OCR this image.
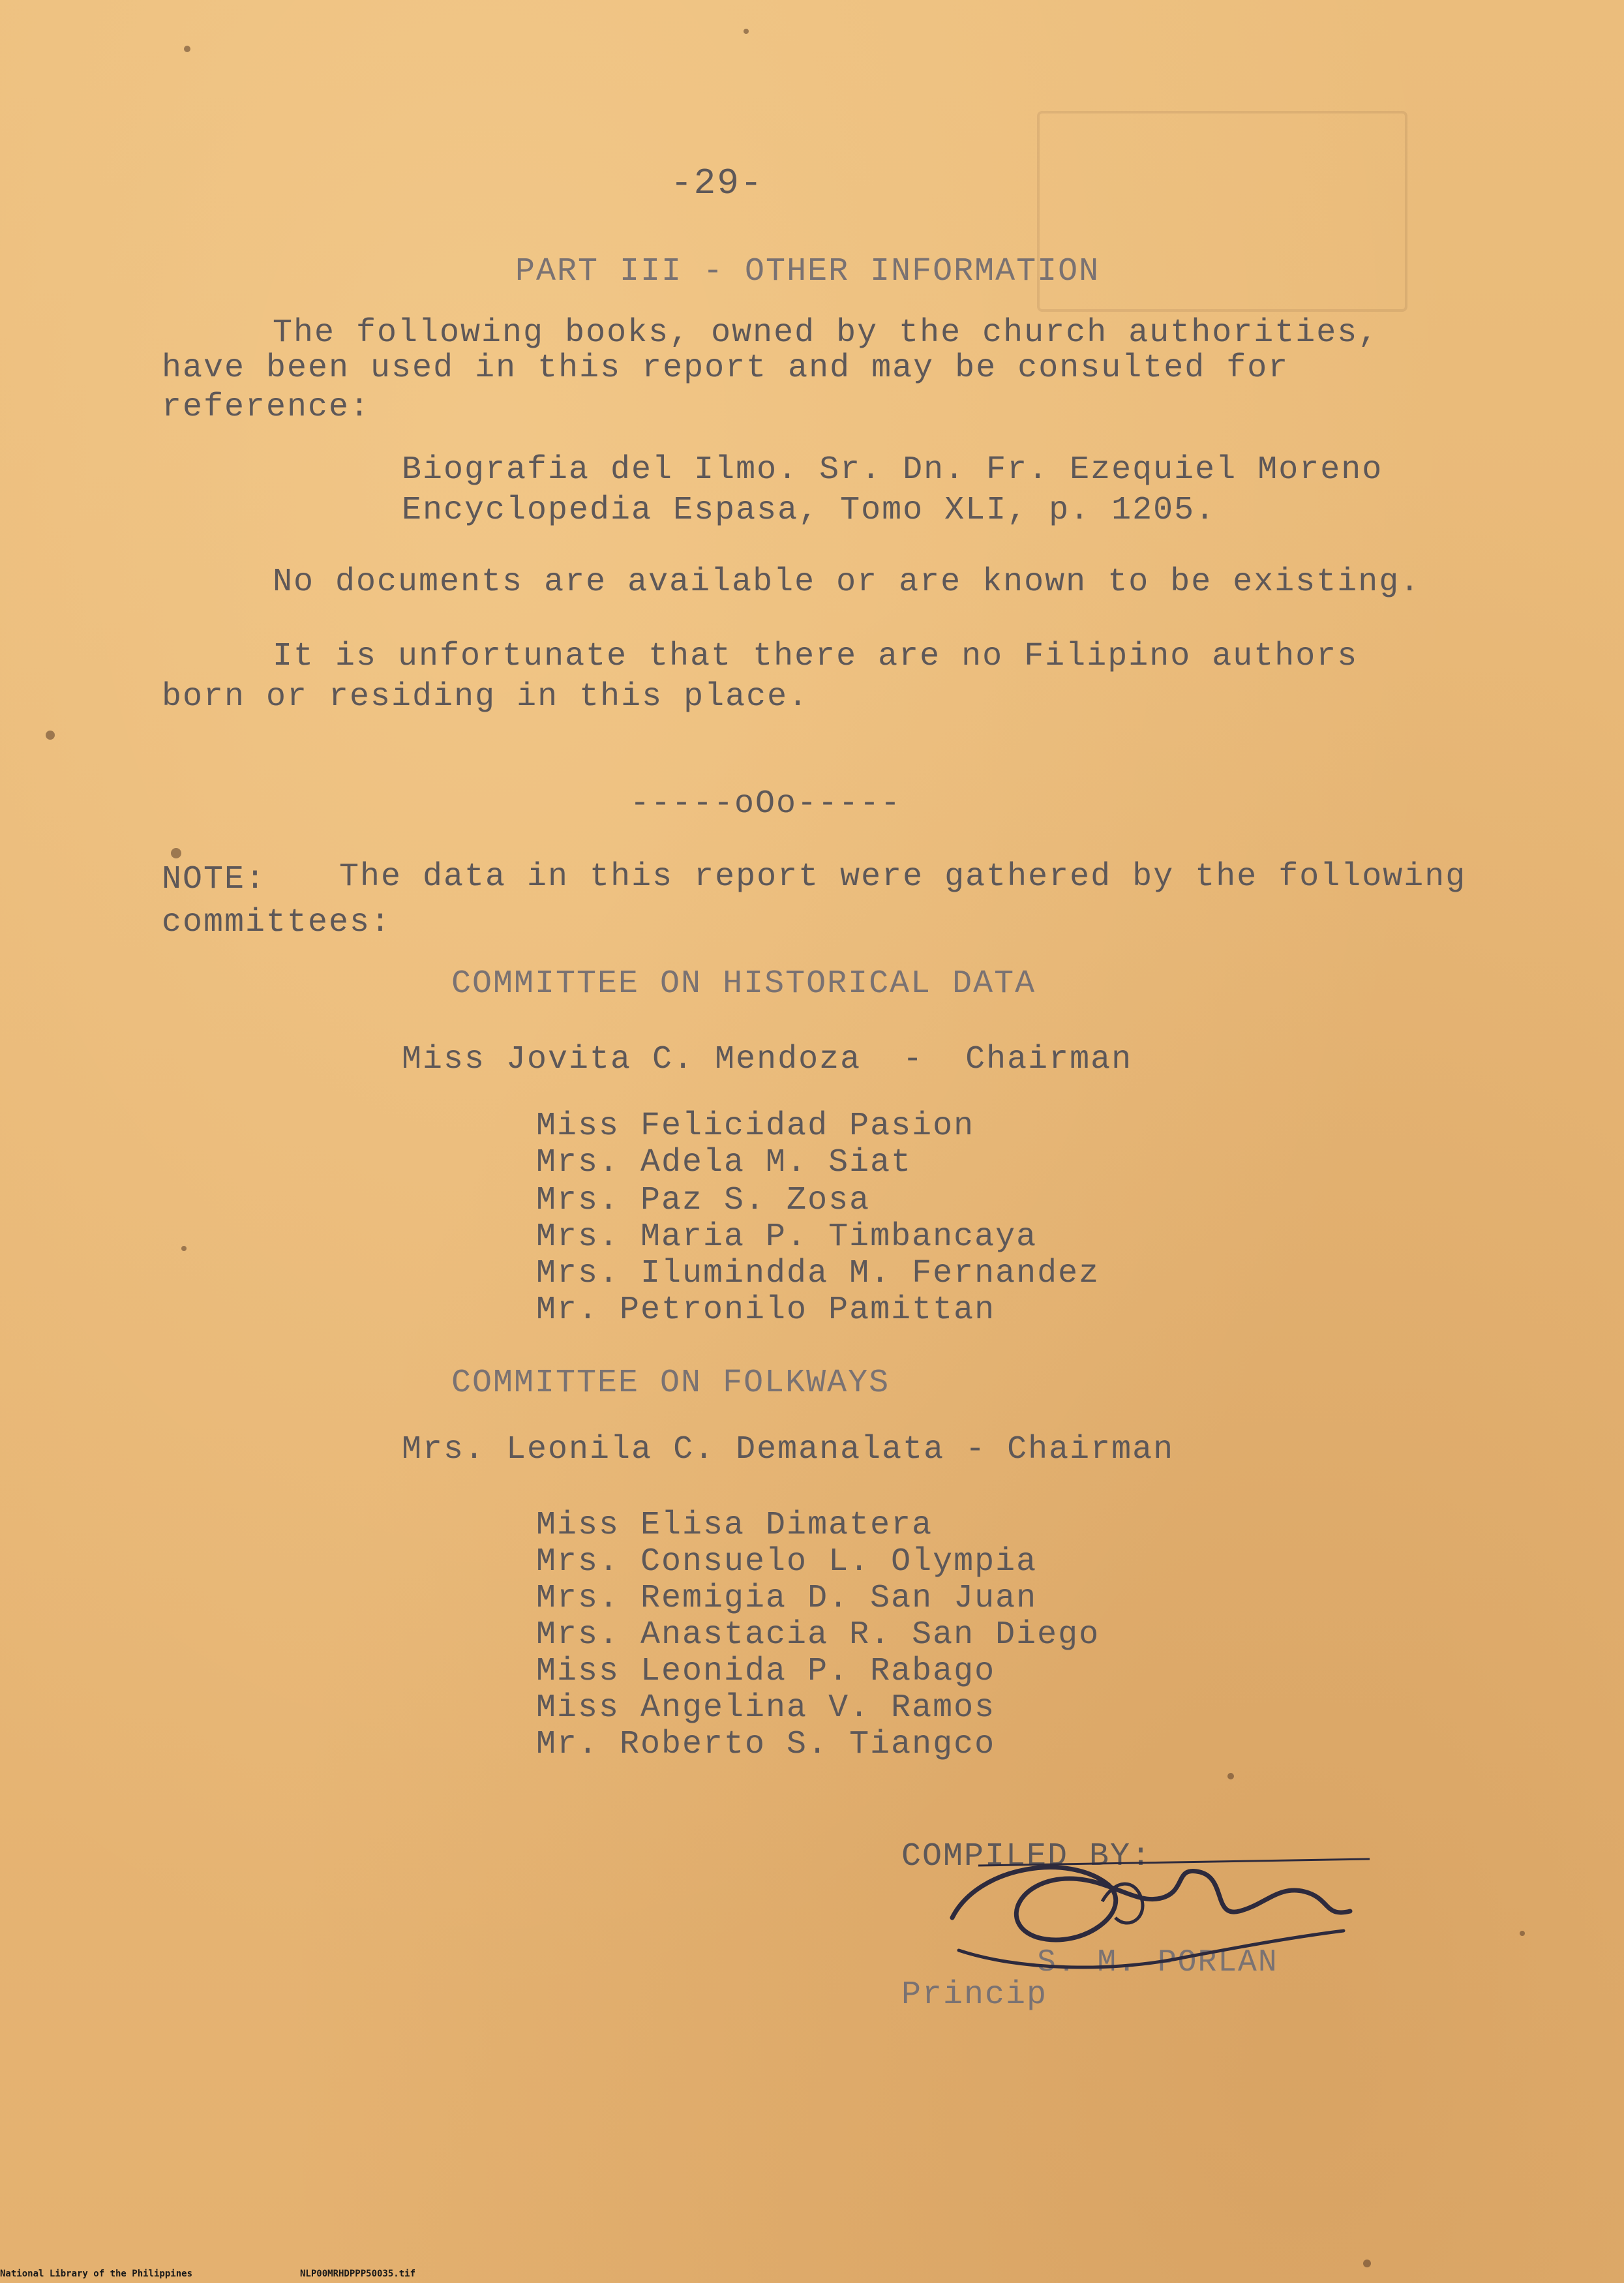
-29-
PART III - OTHER INFORMATION
The following books, owned by the church authorities,
have been used in this report and may be consulted for
reference:
Biografia del Ilmo. Sr. Dn. Fr. Ezequiel Moreno
Encyclopedia Espasa, Tomo XLI, p. 1205.
No documents are available or are known to be existing.
It is unfortunate that there are no Filipino authors
born or residing in this place.
-----oOo-----
NOTE: The data in this report were gathered by the following
committees:
COMMITTEE ON HISTORICAL DATA
Miss Jovita C. Mendoza  -  Chairman
Miss Felicidad Pasion
Mrs. Adela M. Siat
Mrs. Paz S. Zosa
Mrs. Maria P. Timbancaya
Mrs. Ilumindda M. Fernandez
Mr. Petronilo Pamittan
COMMITTEE ON FOLKWAYS
Mrs. Leonila C. Demanalata - Chairman
Miss Elisa Dimatera
Mrs. Consuelo L. Olympia
Mrs. Remigia D. San Juan
Mrs. Anastacia R. San Diego
Miss Leonida P. Rabago
Miss Angelina V. Ramos
Mr. Roberto S. Tiangco
COMPILED BY:
S. M. PORLAN
Princip
National Library of the Philippines	NLP00MRHDPPP50035.tif
